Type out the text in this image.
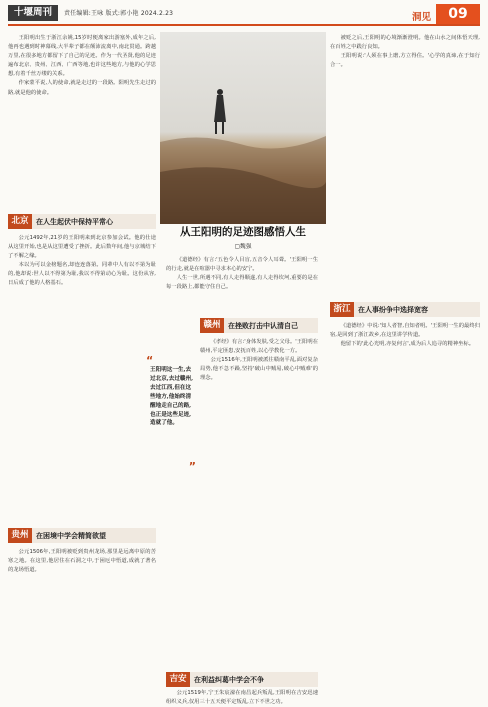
十堰周刊	责任编辑:王咏 版式:郭小艳 2024.2.23	洞见	09
从王阳明的足迹图感悟人生
▢魏强

王阳明出生于浙江余姚,15岁时便离家出游塞外,成年之后,他再也遇到时神幕线,大半辈子都在颠沛流离中,南北贯通。跨越万里,在很多地方都留下了自己的足迹。作为一代圣贤,他的足迹遍布北京、贵州、江西、广西等地,也许这些地方,与他的心学思想,有着千丝万缕的关系。

作家蒙平说,人的使命,就是走过的一段路。阳明先生走过的路,就是他的使命。

北京	在人生起伏中保持平常心

公元1492年,21岁的王阳明来到北京参加会试。他的仕途从这里开始,也是从这里遭受了挫折。此后数年间,他与京城结下了不解之缘。

本以为可以金榜题名,却连连落第。同辈中人有以不第为耻的,他却说:世人以不得第为耻,我以不得第动心为耻。这份从容,日后成了他的人格基石。

贵州	在困境中学会精简欲望

公元1506年,王阳明被贬到贵州龙场,那里是远离中原的苦寒之地。在这里,他居住在石洞之中,于困厄中悟道,成就了著名的龙场悟道。

《道德经》有言:'五色令人目盲,五音令人耳聋。'王阳明一生的行走,就是在喧嚣中寻求本心的安宁。

人生一世,所遇不同,有人走得顺遂,有人走得坎坷,重要的是在每一段路上,都能守住自己。

赣州	在挫败打击中认清自己
“
王阳明这一生,去过北京,去过赣州,去过江西,但在这些地方,他始终清醒地走自己的路,也正是这些足迹,造就了他。
”

《孝经》有言:'身体发肤,受之父母。'王阳明在赣州,平定匪患,安抚百姓,以心学教化一方。

公元1516年,王阳明被派往赣南平乱,面对复杂局势,他不急不躁,坚持'破山中贼易,破心中贼难'的理念。

吉安	在利益纠葛中学会不争

公元1519年,宁王朱宸濠在南昌起兵叛乱,王阳明在吉安迅速组织义兵,仅用三十五天便平定叛乱,立下不世之功。

被贬之后,王阳明的心境渐渐澄明。他在山水之间体悟天理,在百姓之中践行良知。

王阳明说:'人须在事上磨,方立得住。'心学的真谛,在于知行合一。

浙江	在人事纷争中选择宽容

《道德经》中说:'知人者智,自知者明。'王阳明一生的最终归宿,是回到了浙江故乡,在这里讲学传道。

他留下的'此心光明,亦复何言',成为后人追寻的精神坐标。
